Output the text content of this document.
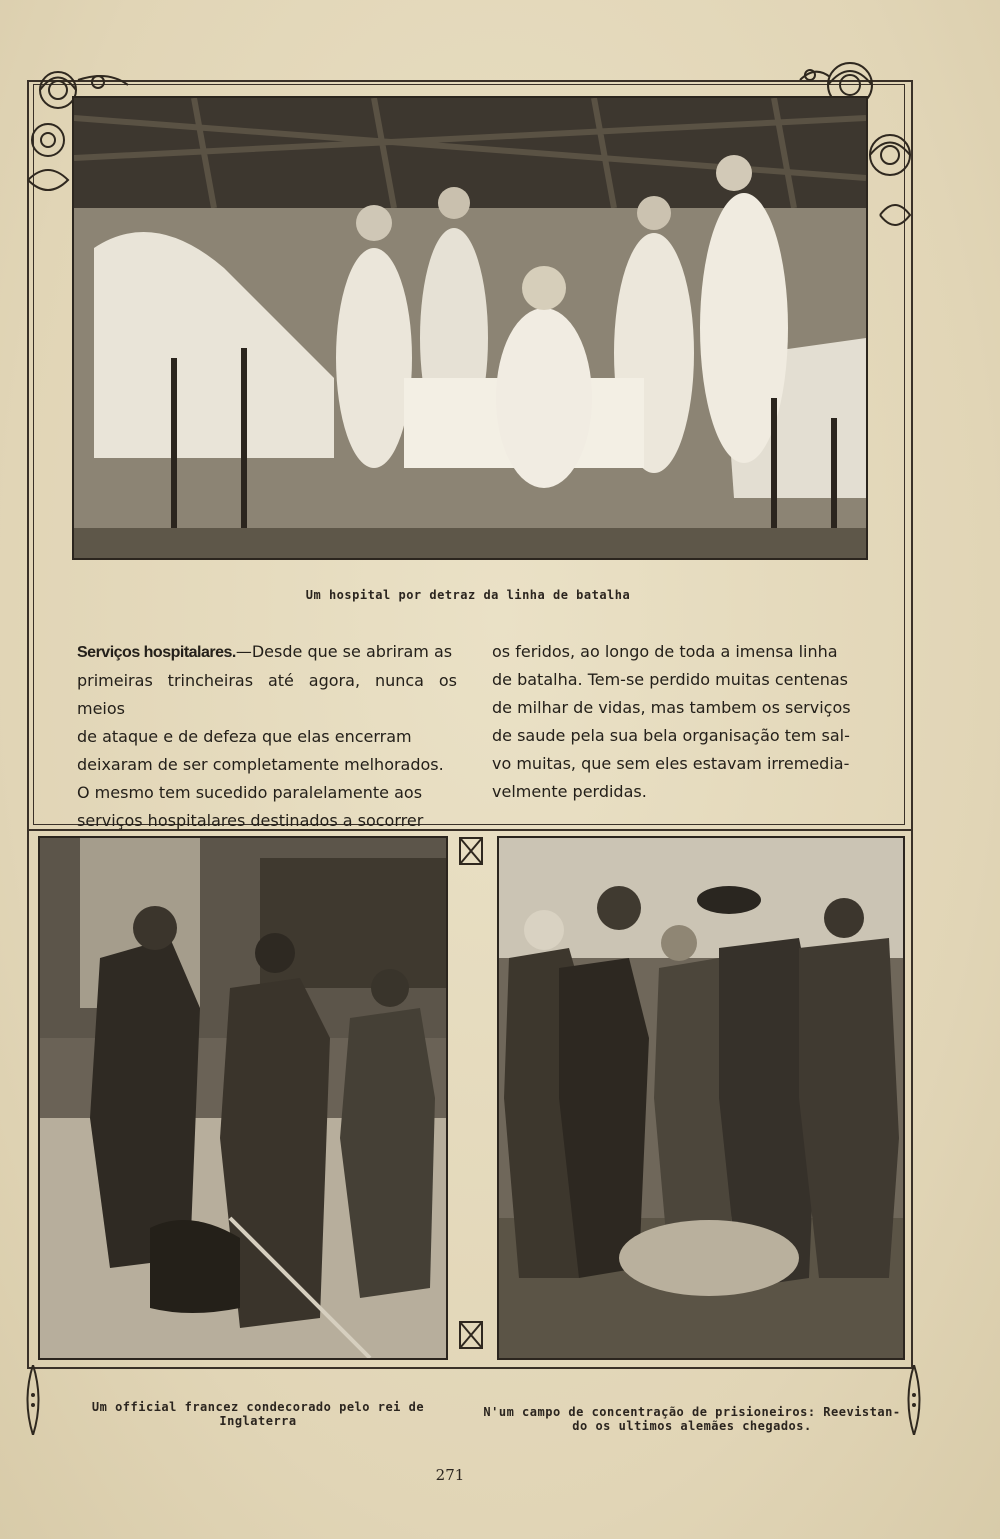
Um hospital por detraz da linha de batalha
Serviços hospitalares.—Desde que se abriram as
primeiras trincheiras até agora, nunca os meios
de ataque e de defeza que elas encerram
deixaram de ser completamente melhorados.
O mesmo tem sucedido paralelamente aos
serviços hospitalares destinados a socorrer
os feridos, ao longo de toda a imensa linha
de batalha. Tem-se perdido muitas centenas
de milhar de vidas, mas tambem os serviços
de saude pela sua bela organisação tem sal-
vo muitas, que sem eles estavam irremedia-
velmente perdidas.
Um official francez condecorado pelo rei de Inglaterra
N'um campo de concentração de prisioneiros: Reevistan-
do os ultimos alemães chegados.
271
